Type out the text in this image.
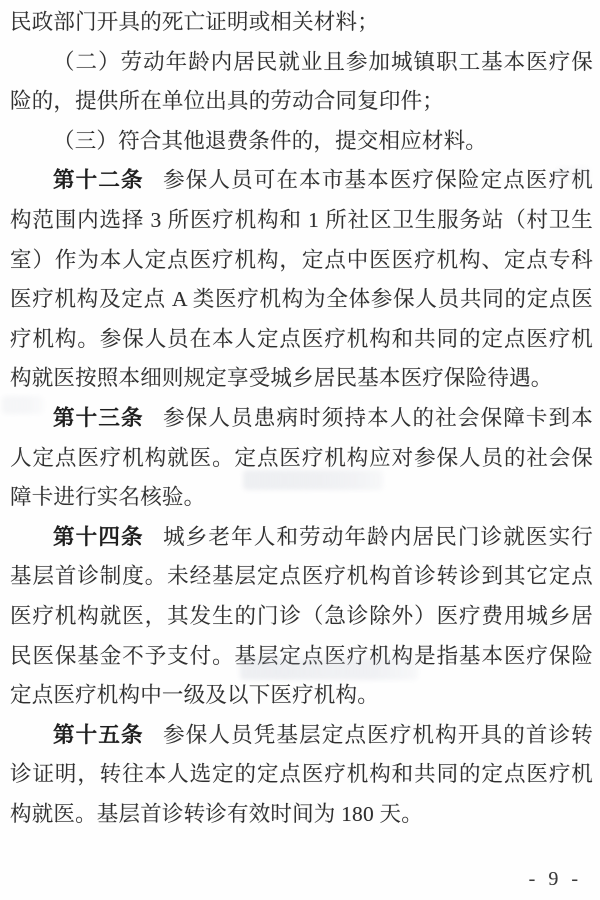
民政部门开具的死亡证明或相关材料；

（二）劳动年龄内居民就业且参加城镇职工基本医疗保险的，提供所在单位出具的劳动合同复印件；

（三）符合其他退费条件的，提交相应材料。

第十二条 参保人员可在本市基本医疗保险定点医疗机构范围内选择 3 所医疗机构和 1 所社区卫生服务站（村卫生室）作为本人定点医疗机构，定点中医医疗机构、定点专科医疗机构及定点 A 类医疗机构为全体参保人员共同的定点医疗机构。参保人员在本人定点医疗机构和共同的定点医疗机构就医按照本细则规定享受城乡居民基本医疗保险待遇。

第十三条 参保人员患病时须持本人的社会保障卡到本人定点医疗机构就医。定点医疗机构应对参保人员的社会保障卡进行实名核验。

第十四条 城乡老年人和劳动年龄内居民门诊就医实行基层首诊制度。未经基层定点医疗机构首诊转诊到其它定点医疗机构就医，其发生的门诊（急诊除外）医疗费用城乡居民医保基金不予支付。基层定点医疗机构是指基本医疗保险定点医疗机构中一级及以下医疗机构。

第十五条 参保人员凭基层定点医疗机构开具的首诊转诊证明，转往本人选定的定点医疗机构和共同的定点医疗机构就医。基层首诊转诊有效时间为 180 天。

- 9 -
